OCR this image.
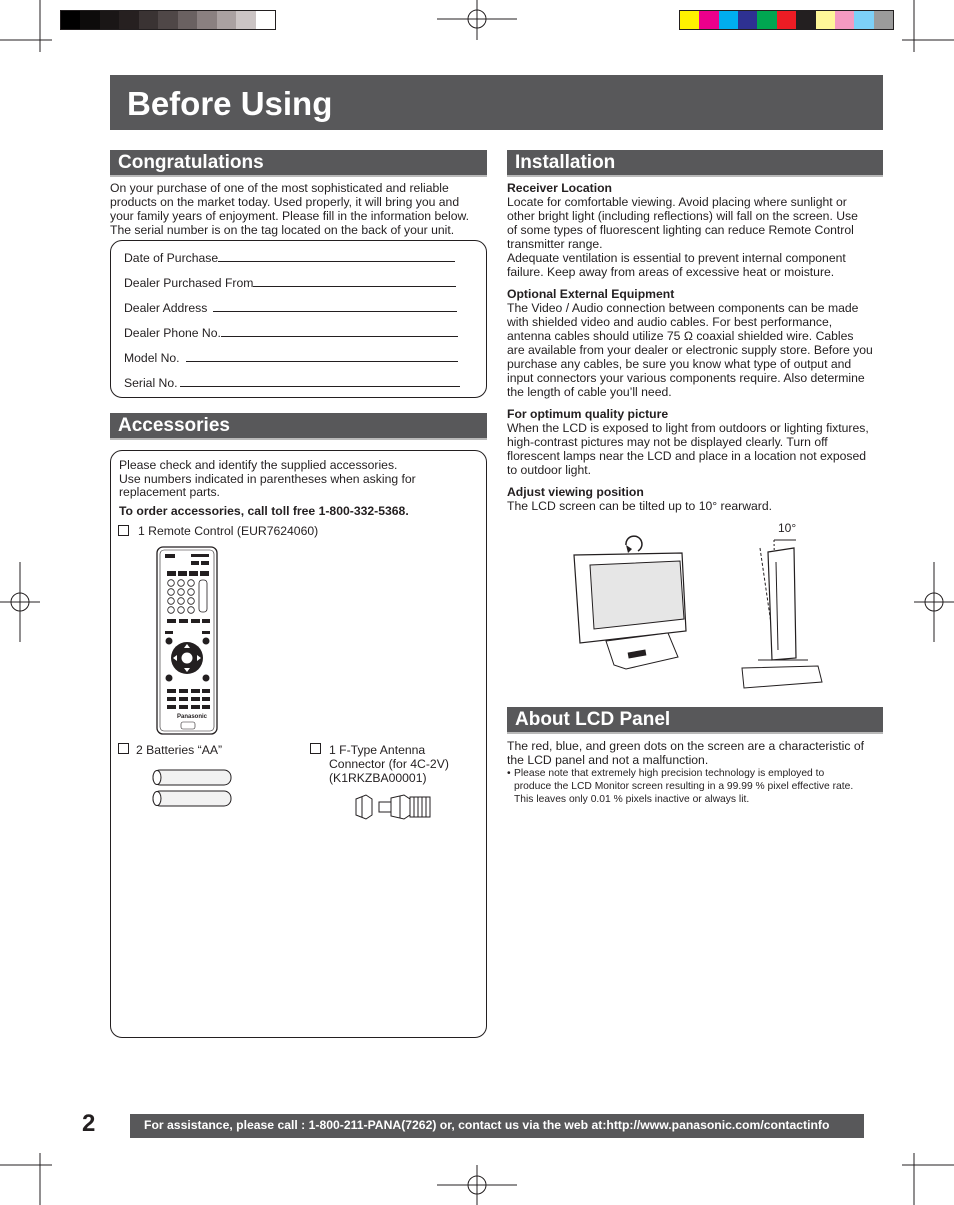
Before Using
Congratulations
On your purchase of one of the most sophisticated and reliable
products on the market today. Used properly, it will bring you and
your family years of enjoyment. Please fill in the information below.
The serial number is on the tag located on the back of your unit.
Date of Purchase
Dealer Purchased From
Dealer Address
Dealer Phone No.
Model No.
Serial No.
Accessories
Please check and identify the supplied accessories.
Use numbers indicated in parentheses when asking for
replacement parts.
To order accessories, call toll free 1-800-332-5368.
1 Remote Control (EUR7624060)
Panasonic
2 Batteries “AA”	1 F-Type Antenna
Connector (for 4C-2V)
(K1RKZBA00001)
Installation
Receiver Location
Locate for comfortable viewing. Avoid placing where sunlight or
other bright light (including reflections) will fall on the screen. Use
of some types of fluorescent lighting can reduce Remote Control
transmitter range.
Adequate ventilation is essential to prevent internal component
failure. Keep away from areas of excessive heat or moisture.
Optional External Equipment
The Video / Audio connection between components can be made
with shielded video and audio cables. For best performance,
antenna cables should utilize 75 Ω coaxial shielded wire. Cables
are available from your dealer or electronic supply store. Before you
purchase any cables, be sure you know what type of output and
input connectors your various components require. Also determine
the length of cable you’ll need.
For optimum quality picture
When the LCD is exposed to light from outdoors or lighting fixtures,
high-contrast pictures may not be displayed clearly. Turn off
florescent lamps near the LCD and place in a location not exposed
to outdoor light.
Adjust viewing position
The LCD screen can be tilted up to 10° rearward.
10°
About LCD Panel
The red, blue, and green dots on the screen are a characteristic of
the LCD panel and not a malfunction.
• Please note that extremely high precision technology is employed to
produce the LCD Monitor screen resulting in a 99.99 % pixel effective rate.
This leaves only 0.01 % pixels inactive or always lit.
2	For assistance, please call : 1-800-211-PANA(7262) or, contact us via the web at:http://www.panasonic.com/contactinfo
